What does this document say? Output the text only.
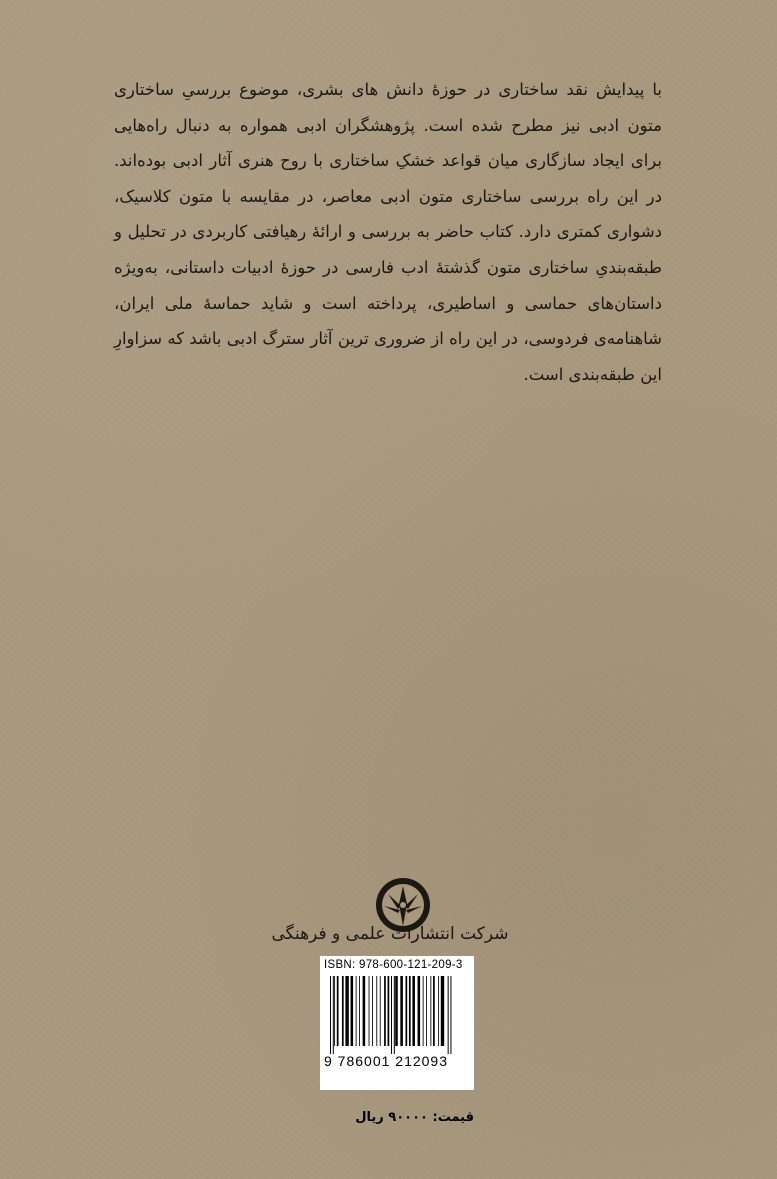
با پیدایش نقد ساختاری در حوزهٔ دانش های بشری، موضوع بررسیِ ساختاری متون ادبی نیز مطرح شده است. پژوهشگران ادبی همواره به دنبال راه‌هایی برای ایجاد سازگاری میان قواعد خشکِ ساختاری با روح هنری آثار ادبی بوده‌اند. در این راه بررسی ساختاری متون ادبی معاصر، در مقایسه با متون کلاسیک، دشواری کمتری دارد. کتاب حاضر به بررسی و ارائهٔ رهیافتی کاربردی در تحلیل و طبقه‌بندیِ ساختاری متون گذشتهٔ ادب فارسی در حوزهٔ ادبیات داستانی، به‌ویژه داستان‌های حماسی و اساطیری، پرداخته است و شاید حماسهٔ ملی ایران، شاهنامه‌ی فردوسی، در این راه از ضروری ترین آثار سترگ ادبی باشد که سزاوارِ این طبقه‌بندی است.

شرکت انتشارات علمی و فرهنگی
ISBN: 978-600-121-209-3
9 786001 212093
قیمت: ۹۰۰۰۰ ریال
